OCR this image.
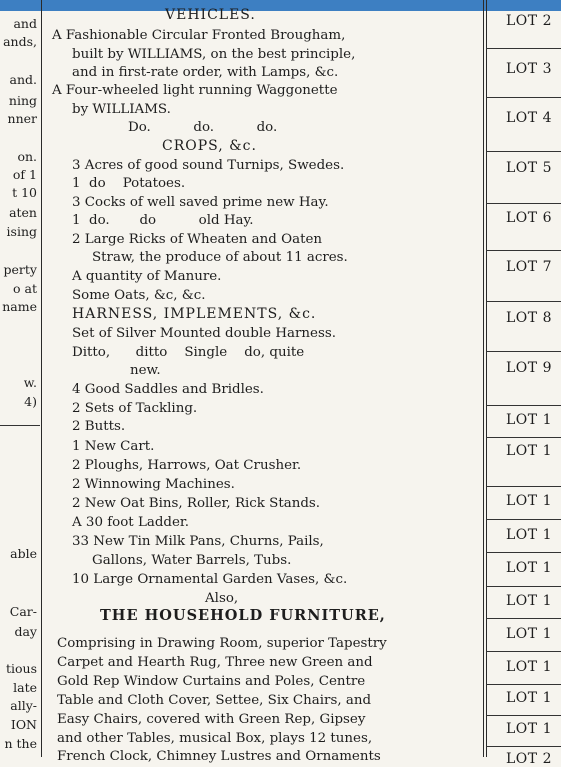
and
ands,
and.
ning
nner
on.
of 1
t 10
aten
ising
perty
o at
name
w.
4)
able
Car-
day
tious
late
ally-
ION
n the
VEHICLES.
A Fashionable Circular Fronted Brougham,
built by WILLIAMS, on the best principle,
and in first-rate order, with Lamps, &c.
A Four-wheeled light running Waggonette
by WILLIAMS.
Do.          do.          do.
CROPS, &c.
3 Acres of good sound Turnips, Swedes.
1  do    Potatoes.
3 Cocks of well saved prime new Hay.
1  do.       do          old Hay.
2 Large Ricks of Wheaten and Oaten
Straw, the produce of about 11 acres.
A quantity of Manure.
Some Oats, &c, &c.
HARNESS, IMPLEMENTS, &c.
Set of Silver Mounted double Harness.
Ditto,      ditto    Single    do, quite
new.
4 Good Saddles and Bridles.
2 Sets of Tackling.
2 Butts.
1 New Cart.
2 Ploughs, Harrows, Oat Crusher.
2 Winnowing Machines.
2 New Oat Bins, Roller, Rick Stands.
A 30 foot Ladder.
33 New Tin Milk Pans, Churns, Pails,
Gallons, Water Barrels, Tubs.
10 Large Ornamental Garden Vases, &c.
Also,
THE HOUSEHOLD FURNITURE,
Comprising in Drawing Room, superior Tapestry
Carpet and Hearth Rug, Three new Green and
Gold Rep Window Curtains and Poles, Centre
Table and Cloth Cover, Settee, Six Chairs, and
Easy Chairs, covered with Green Rep, Gipsey
and other Tables, musical Box, plays 12 tunes,
French Clock, Chimney Lustres and Ornaments
LOT 2
LOT 3
LOT 4
LOT 5
LOT 6
LOT 7
LOT 8
LOT 9
LOT 1
LOT 1
LOT 1
LOT 1
LOT 1
LOT 1
LOT 1
LOT 1
LOT 1
LOT 1
LOT 2
